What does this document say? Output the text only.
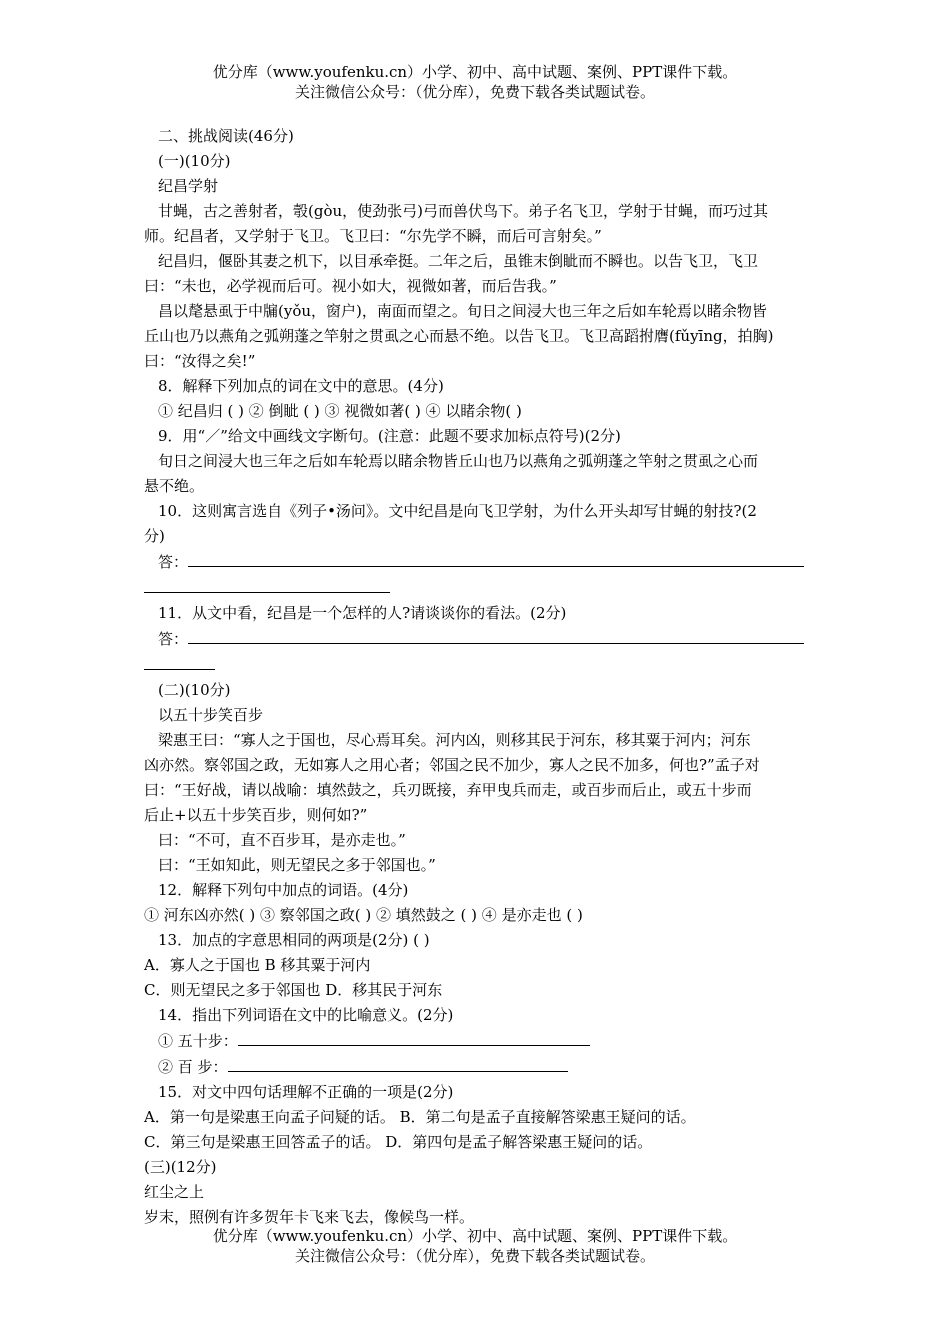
优分库（www.youfenku.cn）小学、初中、高中试题、案例、PPT课件下载。
关注微信公众号：（优分库），免费下载各类试题试卷。

二、挑战阅读(46分)

(一)(10分)

纪昌学射

甘蝇，古之善射者，彀(gòu，使劲张弓)弓而兽伏鸟下。弟子名飞卫，学射于甘蝇，而巧过其

师。纪昌者，又学射于飞卫。飞卫曰：“尔先学不瞬，而后可言射矣。”

纪昌归，偃卧其妻之机下，以目承牵挺。二年之后，虽锥末倒眦而不瞬也。以告飞卫，飞卫

曰：“未也，必学视而后可。视小如大，视微如著，而后告我。”

昌以氂悬虱于中牖(yǒu，窗户)，南面而望之。旬日之间浸大也三年之后如车轮焉以睹余物皆

丘山也乃以燕角之弧朔蓬之竿射之贯虱之心而悬不绝。以告飞卫。飞卫高蹈拊膺(fǔyīng，拍胸)

曰：“汝得之矣!”

8．解释下列加点的词在文中的意思。(4分)

① 纪昌归 ( ) ② 倒眦 ( ) ③ 视微如著( ) ④ 以睹余物( )

9．用“／”给文中画线文字断句。(注意：此题不要求加标点符号)(2分)

旬日之间浸大也三年之后如车轮焉以睹余物皆丘山也乃以燕角之弧朔蓬之竿射之贯虱之心而

悬不绝。

10．这则寓言选自《列子•汤问》。文中纪昌是向飞卫学射，为什么开头却写甘蝇的射技?(2

分)

答：

11．从文中看，纪昌是一个怎样的人?请谈谈你的看法。(2分)

答：

(二)(10分)

以五十步笑百步

梁惠王曰：“寡人之于国也，尽心焉耳矣。河内凶，则移其民于河东，移其粟于河内；河东

凶亦然。察邻国之政，无如寡人之用心者；邻国之民不加少，寡人之民不加多，何也?”孟子对

曰：“王好战，请以战喻：填然鼓之，兵刃既接，弃甲曳兵而走，或百步而后止，或五十步而

后止+以五十步笑百步，则何如?”

曰：“不可，直不百步耳，是亦走也。”

曰：“王如知此，则无望民之多于邻国也。”

12．解释下列句中加点的词语。(4分)

① 河东凶亦然( ) ③ 察邻国之政( ) ② 填然鼓之 ( ) ④ 是亦走也 ( )

13．加点的字意思相同的两项是(2分) ( )

A．寡人之于国也 B 移其粟于河内

C．则无望民之多于邻国也 D．移其民于河东

14．指出下列词语在文中的比喻意义。(2分)

① 五十步：

② 百 步：

15．对文中四句话理解不正确的一项是(2分)

A．第一句是梁惠王向孟子问疑的话。 B．第二句是孟子直接解答梁惠王疑问的话。

C．第三句是梁惠王回答孟子的话。 D．第四句是孟子解答梁惠王疑问的话。

(三)(12分)

红尘之上

岁末，照例有许多贺年卡飞来飞去，像候鸟一样。

优分库（www.youfenku.cn）小学、初中、高中试题、案例、PPT课件下载。
关注微信公众号：（优分库），免费下载各类试题试卷。
